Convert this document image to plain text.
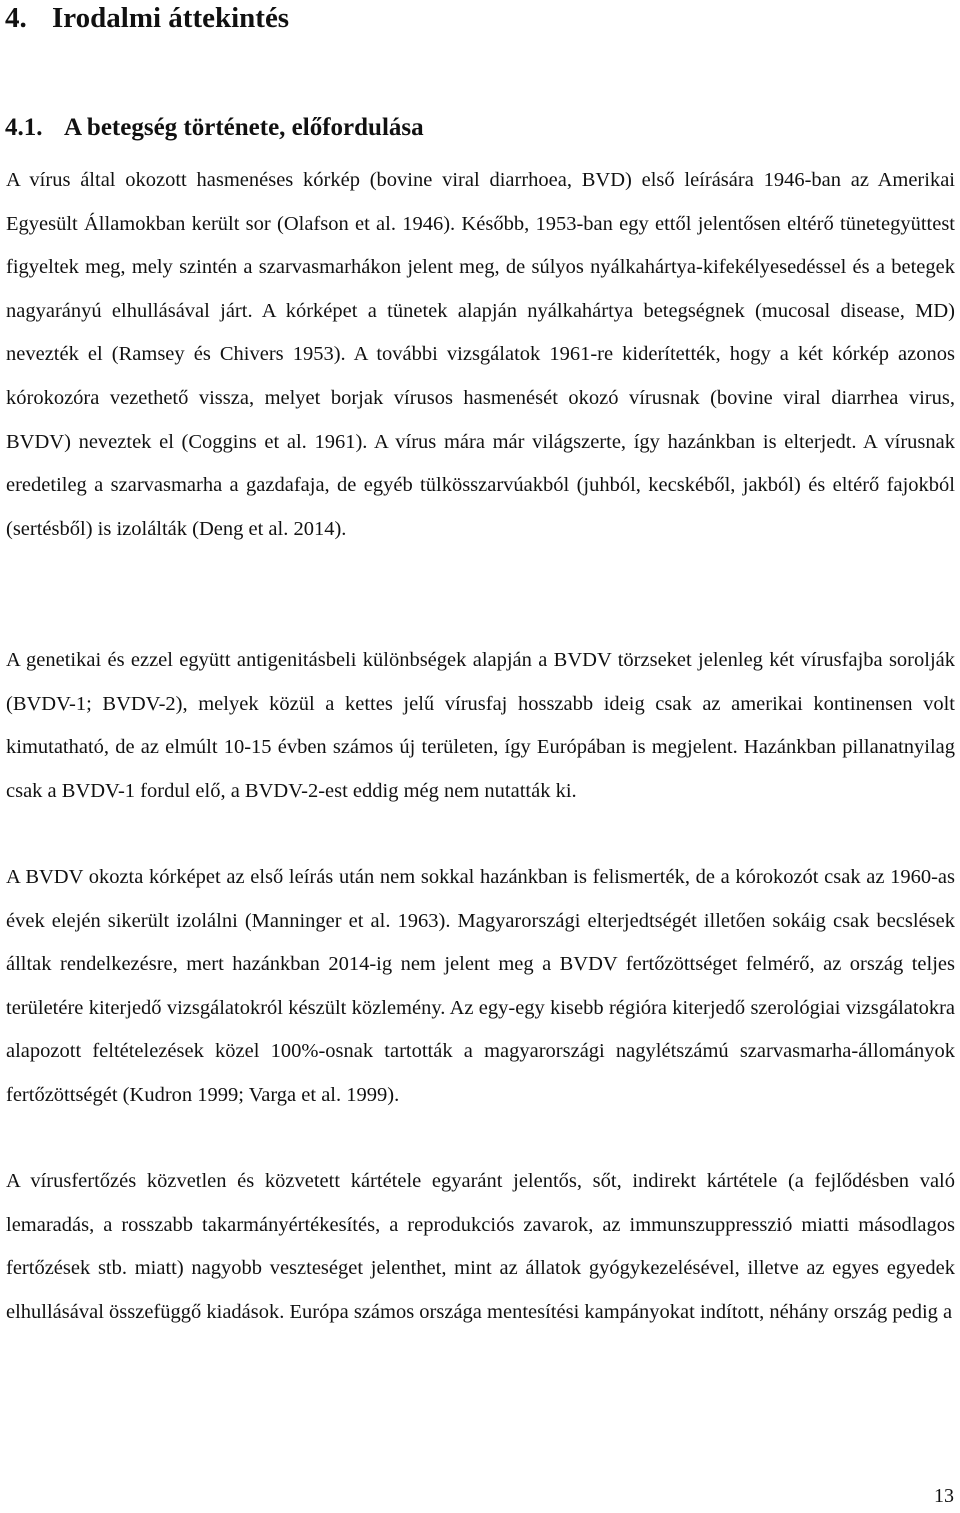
4. Irodalmi áttekintés
4.1. A betegség története, előfordulása

A vírus által okozott hasmenéses kórkép (bovine viral diarrhoea, BVD) első leírására 1946-ban az Amerikai Egyesült Államokban került sor (Olafson et al. 1946). Később, 1953-ban egy ettől jelentősen eltérő tünetegyüttest figyeltek meg, mely szintén a szarvasmarhákon jelent meg, de súlyos nyálkahártya-kifekélyesedéssel és a betegek nagyarányú elhullásával járt. A kórképet a tünetek alapján nyálkahártya betegségnek (mucosal disease, MD) nevezték el (Ramsey és Chivers 1953). A további vizsgálatok 1961-re kiderítették, hogy a két kórkép azonos kórokozóra vezethető vissza, melyet borjak vírusos hasmenését okozó vírusnak (bovine viral diarrhea virus, BVDV) neveztek el (Coggins et al. 1961). A vírus mára már világszerte, így hazánkban is elterjedt. A vírusnak eredetileg a szarvasmarha a gazdafaja, de egyéb tülkösszarvúakból (juhból, kecskéből, jakból) és eltérő fajokból (sertésből) is izolálták (Deng et al. 2014).

A genetikai és ezzel együtt antigenitásbeli különbségek alapján a BVDV törzseket jelenleg két vírusfajba sorolják (BVDV-1; BVDV-2), melyek közül a kettes jelű vírusfaj hosszabb ideig csak az amerikai kontinensen volt kimutatható, de az elmúlt 10-15 évben számos új területen, így Európában is megjelent. Hazánkban pillanatnyilag csak a BVDV-1 fordul elő, a BVDV-2-est eddig még nem nutatták ki.

A BVDV okozta kórképet az első leírás után nem sokkal hazánkban is felismerték, de a kórokozót csak az 1960-as évek elején sikerült izolálni (Manninger et al. 1963). Magyarországi elterjedtségét illetően sokáig csak becslések álltak rendelkezésre, mert hazánkban 2014-ig nem jelent meg a BVDV fertőzöttséget felmérő, az ország teljes területére kiterjedő vizsgálatokról készült közlemény. Az egy-egy kisebb régióra kiterjedő szerológiai vizsgálatokra alapozott feltételezések közel 100%-osnak tartották a magyarországi nagylétszámú szarvasmarha-állományok fertőzöttségét (Kudron 1999; Varga et al. 1999).

A vírusfertőzés közvetlen és közvetett kártétele egyaránt jelentős, sőt, indirekt kártétele (a fejlődésben való lemaradás, a rosszabb takarmányértékesítés, a reprodukciós zavarok, az immunszuppresszió miatti másodlagos fertőzések stb. miatt) nagyobb veszteséget jelenthet, mint az állatok gyógykezelésével, illetve az egyes egyedek elhullásával összefüggő kiadások. Európa számos országa mentesítési kampányokat indított, néhány ország pedig a

13
